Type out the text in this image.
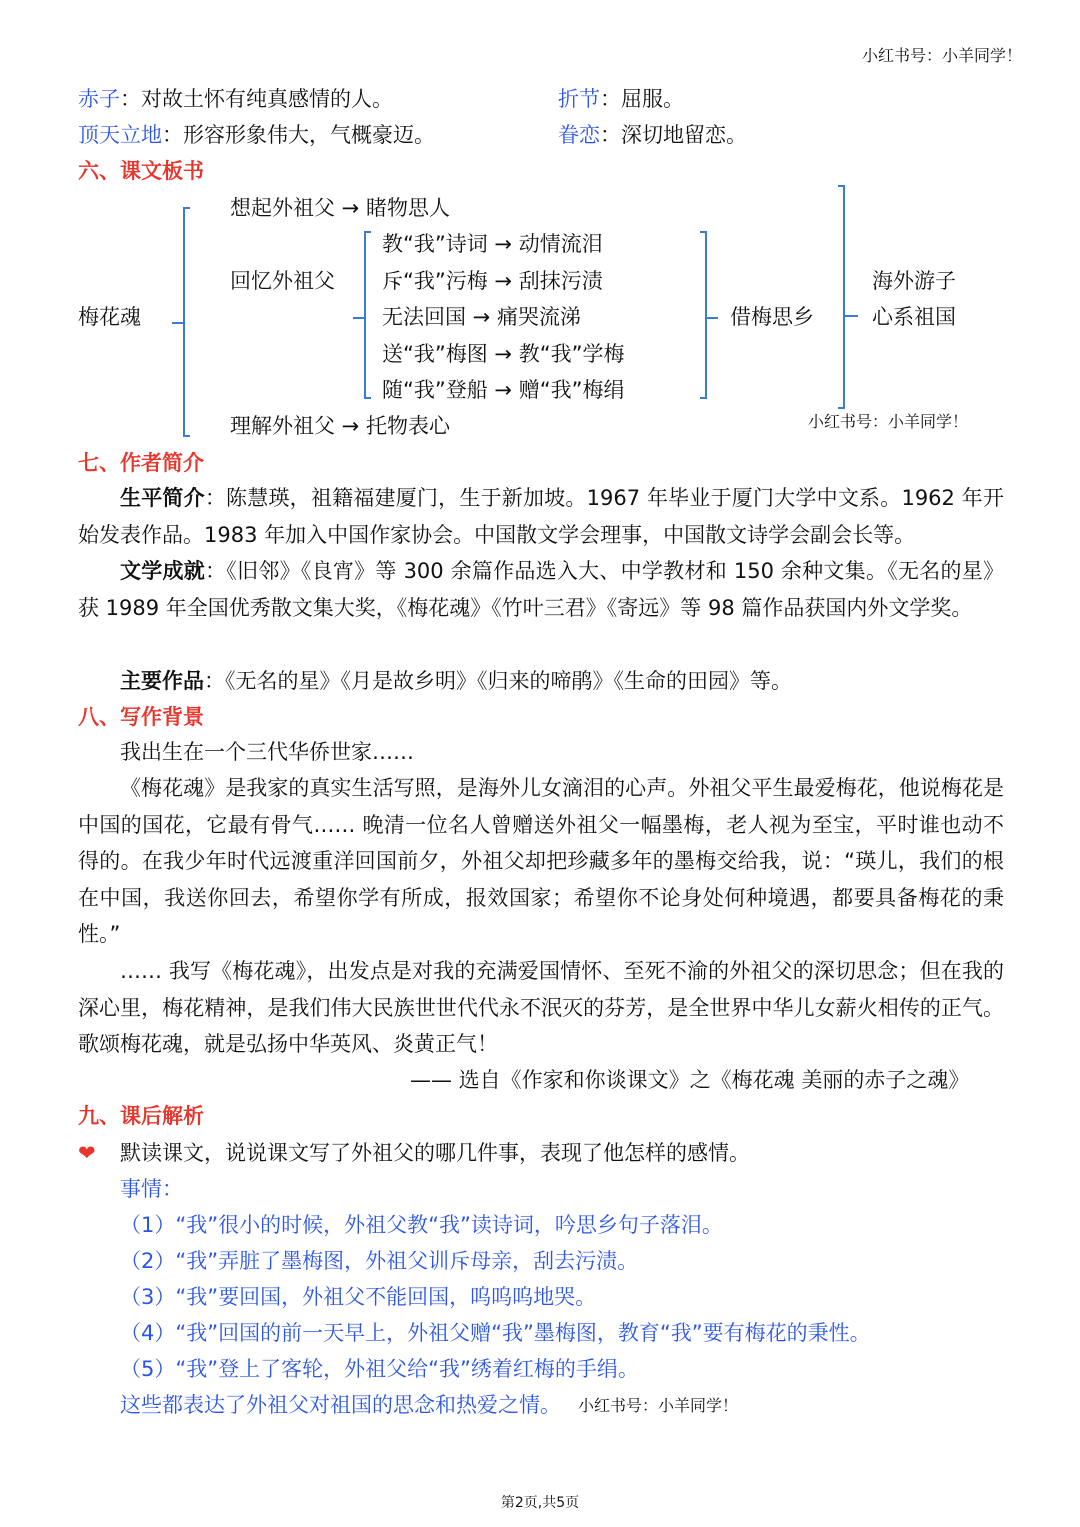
小红书号：小羊同学！
赤子：对故土怀有纯真感情的人。	折节：屈服。
顶天立地：形容形象伟大，气概豪迈。	眷恋：深切地留恋。
六、课文板书
梅花魂
想起外祖父 → 睹物思人
回忆外祖父
教“我”诗词 → 动情流泪
斥“我”污梅 → 刮抹污渍
无法回国 → 痛哭流涕
送“我”梅图 → 教“我”学梅
随“我”登船 → 赠“我”梅绢
理解外祖父 → 托物表心
借梅思乡
海外游子
心系祖国
小红书号：小羊同学！
七、作者简介
生平简介：陈慧瑛，祖籍福建厦门，生于新加坡。1967 年毕业于厦门大学中文系。1962 年开始发表作品。1983 年加入中国作家协会。中国散文学会理事，中国散文诗学会副会长等。
文学成就：《旧邻》《良宵》等 300 余篇作品选入大、中学教材和 150 余种文集。《无名的星》获 1989 年全国优秀散文集大奖，《梅花魂》《竹叶三君》《寄远》等 98 篇作品获国内外文学奖。
主要作品：《无名的星》《月是故乡明》《归来的啼鹃》《生命的田园》等。
八、写作背景
我出生在一个三代华侨世家……
《梅花魂》是我家的真实生活写照，是海外儿女滴泪的心声。外祖父平生最爱梅花，他说梅花是中国的国花，它最有骨气…… 晚清一位名人曾赠送外祖父一幅墨梅，老人视为至宝，平时谁也动不得的。在我少年时代远渡重洋回国前夕，外祖父却把珍藏多年的墨梅交给我，说：“瑛儿，我们的根在中国，我送你回去，希望你学有所成，报效国家；希望你不论身处何种境遇，都要具备梅花的秉性。”
…… 我写《梅花魂》，出发点是对我的充满爱国情怀、至死不渝的外祖父的深切思念；但在我的深心里，梅花精神，是我们伟大民族世世代代永不泯灭的芬芳，是全世界中华儿女薪火相传的正气。歌颂梅花魂，就是弘扬中华英风、炎黄正气！
—— 选自《作家和你谈课文》之《梅花魂 美丽的赤子之魂》
九、课后解析
❤ 默读课文，说说课文写了外祖父的哪几件事，表现了他怎样的感情。
事情：
（1）“我”很小的时候，外祖父教“我”读诗词，吟思乡句子落泪。
（2）“我”弄脏了墨梅图，外祖父训斥母亲，刮去污渍。
（3）“我”要回国，外祖父不能回国，呜呜呜地哭。
（4）“我”回国的前一天早上，外祖父赠“我”墨梅图，教育“我”要有梅花的秉性。
（5）“我”登上了客轮，外祖父给“我”绣着红梅的手绢。
这些都表达了外祖父对祖国的思念和热爱之情。 小红书号：小羊同学！
第2页,共5页
